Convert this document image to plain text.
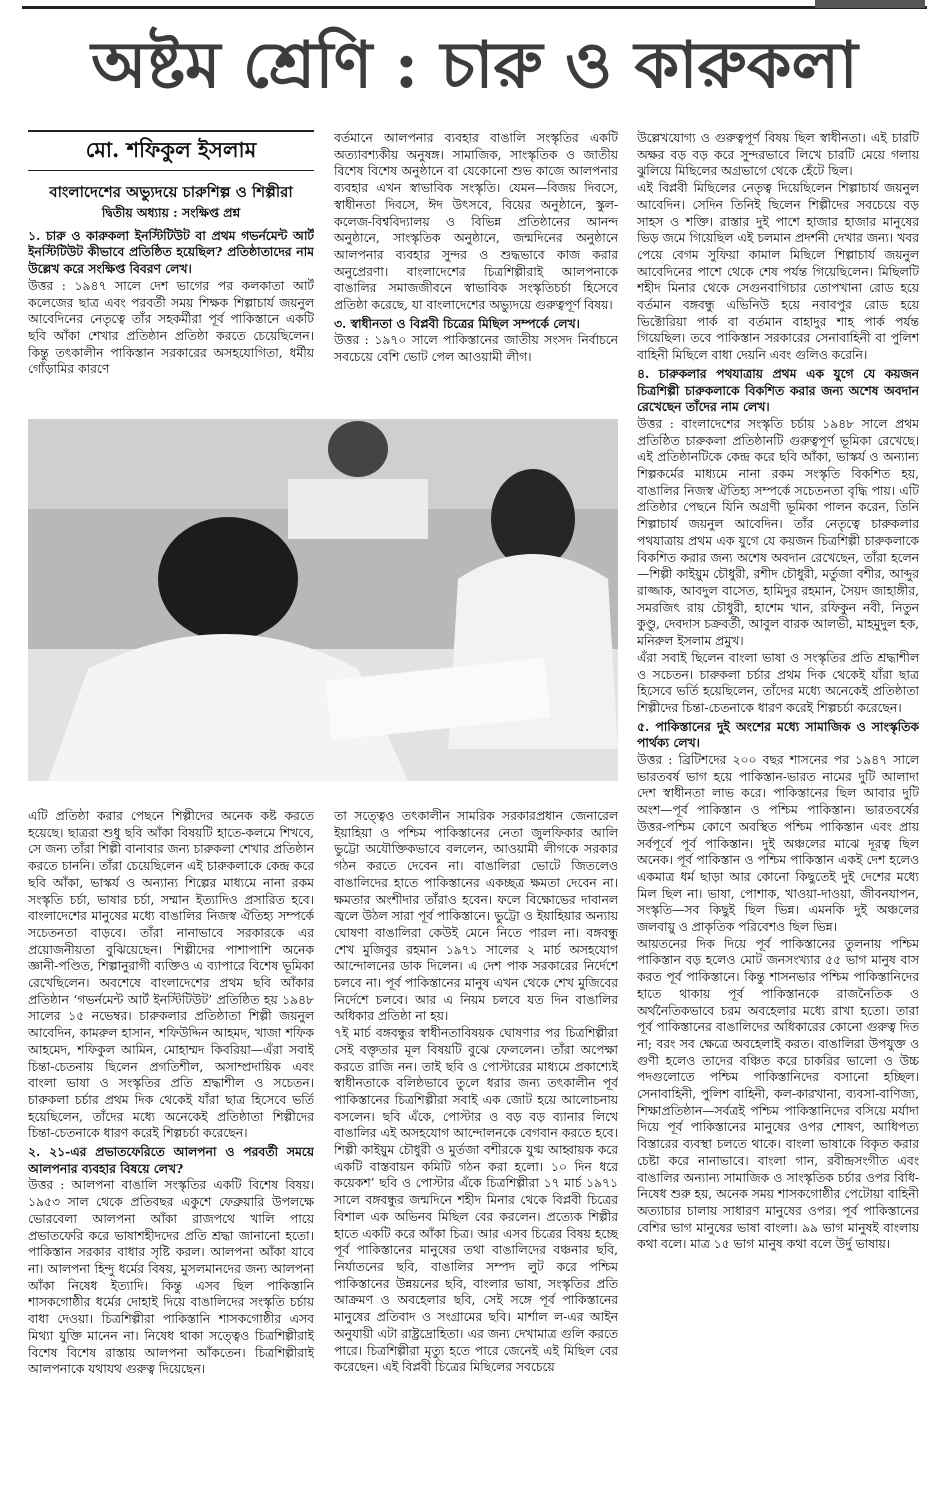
অষ্টম শ্রেণি : চারু ও কারুকলা
মো. শফিকুল ইসলাম
বাংলাদেশের অভ্যুদয়ে চারুশিল্প ও শিল্পীরা
দ্বিতীয় অধ্যায় : সংক্ষিপ্ত প্রশ্ন
১. চারু ও কারুকলা ইনস্টিটিউট বা প্রথম গভর্নমেন্ট আর্ট ইনস্টিটিউট কীভাবে প্রতিষ্ঠিত হয়েছিল? প্রতিষ্ঠাতাদের নাম উল্লেখ করে সংক্ষিপ্ত বিবরণ লেখ।

উত্তর : ১৯৪৭ সালে দেশ ভাগের পর কলকাতা আর্ট কলেজের ছাত্র এবং পরবর্তী সময় শিক্ষক শিল্পাচার্য জয়নুল আবেদিনের নেতৃত্বে তাঁর সহকর্মীরা পূর্ব পাকিস্তানে একটি ছবি আঁকা শেখার প্রতিষ্ঠান প্রতিষ্ঠা করতে চেয়েছিলেন। কিন্তু তৎকালীন পাকিস্তান সরকারের অসহযোগিতা, ধর্মীয় গোঁড়ামির কারণে

বর্তমানে আলপনার ব্যবহার বাঙালি সংস্কৃতির একটি অত্যাবশ্যকীয় অনুষঙ্গ। সামাজিক, সাংস্কৃতিক ও জাতীয় বিশেষ বিশেষ অনুষ্ঠানে বা যেকোনো শুভ কাজে আলপনার ব্যবহার এখন স্বাভাবিক সংস্কৃতি। যেমন—বিজয় দিবসে, স্বাধীনতা দিবসে, ঈদ উৎসবে, বিয়ের অনুষ্ঠানে, স্কুল-কলেজ-বিশ্ববিদ্যালয় ও বিভিন্ন প্রতিষ্ঠানের আনন্দ অনুষ্ঠানে, সাংস্কৃতিক অনুষ্ঠানে, জন্মদিনের অনুষ্ঠানে আলপনার ব্যবহার সুন্দর ও শুদ্ধভাবে কাজ করার অনুপ্রেরণা। বাংলাদেশের চিত্রশিল্পীরাই আলপনাকে বাঙালির সমাজজীবনে স্বাভাবিক সংস্কৃতিচর্চা হিসেবে প্রতিষ্ঠা করেছে, যা বাংলাদেশের অভ্যুদয়ে গুরুত্বপূর্ণ বিষয়।

৩. স্বাধীনতা ও বিপ্লবী চিত্রের মিছিল সম্পর্কে লেখ।

উত্তর : ১৯৭০ সালে পাকিস্তানের জাতীয় সংসদ নির্বাচনে সবচেয়ে বেশি ভোট পেল আওয়ামী লীগ।

উল্লেখযোগ্য ও গুরুত্বপূর্ণ বিষয় ছিল স্বাধীনতা। এই চারটি অক্ষর বড় বড় করে সুন্দরভাবে লিখে চারটি মেয়ে গলায় ঝুলিয়ে মিছিলের অগ্রভাগে থেকে হেঁটে ছিল।

এই বিপ্লবী মিছিলের নেতৃত্ব দিয়েছিলেন শিল্পাচার্য জয়নুল আবেদিন। সেদিন তিনিই ছিলেন শিল্পীদের সবচেয়ে বড় সাহস ও শক্তি। রাস্তার দুই পাশে হাজার হাজার মানুষের ভিড় জমে গিয়েছিল এই চলমান প্রদর্শনী দেখার জন্য। খবর পেয়ে বেগম সুফিয়া কামাল মিছিলে শিল্পাচার্য জয়নুল আবেদিনের পাশে থেকে শেষ পর্যন্ত গিয়েছিলেন। মিছিলটি শহীদ মিনার থেকে সেগুনবাগিচার তোপখানা রোড হয়ে বর্তমান বঙ্গবন্ধু এভিনিউ হয়ে নবাবপুর রোড হয়ে ভিক্টোরিয়া পার্ক বা বর্তমান বাহাদুর শাহ পার্ক পর্যন্ত গিয়েছিল। তবে পাকিস্তান সরকারের সেনাবাহিনী বা পুলিশ বাহিনী মিছিলে বাধা দেয়নি এবং গুলিও করেনি।

৪. চারুকলার পথযাত্রায় প্রথম এক যুগে যে কয়জন চিত্রশিল্পী চারুকলাকে বিকশিত করার জন্য অশেষ অবদান রেখেছেন তাঁদের নাম লেখ।

উত্তর : বাংলাদেশের সংস্কৃতি চর্চায় ১৯৪৮ সালে প্রথম প্রতিষ্ঠিত চারুকলা প্রতিষ্ঠানটি গুরুত্বপূর্ণ ভূমিকা রেখেছে। এই প্রতিষ্ঠানটিকে কেন্দ্র করে ছবি আঁকা, ভাস্কর্য ও অন্যান্য শিল্পকর্মের মাধ্যমে নানা রকম সংস্কৃতি বিকশিত হয়, বাঙালির নিজস্ব ঐতিহ্য সম্পর্কে সচেতনতা বৃদ্ধি পায়। এটি প্রতিষ্ঠার পেছনে যিনি অগ্রণী ভূমিকা পালন করেন, তিনি শিল্পাচার্য জয়নুল আবেদিন। তাঁর নেতৃত্বে চারুকলার পথযাত্রায় প্রথম এক যুগে যে কয়জন চিত্রশিল্পী চারুকলাকে বিকশিত করার জন্য অশেষ অবদান রেখেছেন, তাঁরা হলেন—শিল্পী কাইয়ুম চৌধুরী, রশীদ চৌধুরী, মর্তুজা বশীর, আব্দুর রাজ্জাক, আবদুল বাসেত, হামিদুর রহমান, সৈয়দ জাহাঙ্গীর, সমরজিৎ রায় চৌধুরী, হাশেম খান, রফিকুন নবী, নিতুন কুণ্ডু, দেবদাস চক্রবর্তী, আবুল বারক আলভী, মাহমুদুল হক, মনিরুল ইসলাম প্রমুখ।

এঁরা সবাই ছিলেন বাংলা ভাষা ও সংস্কৃতির প্রতি শ্রদ্ধাশীল ও সচেতন। চারুকলা চর্চার প্রথম দিক থেকেই যাঁরা ছাত্র হিসেবে ভর্তি হয়েছিলেন, তাঁদের মধ্যে অনেকেই প্রতিষ্ঠাতা শিল্পীদের চিন্তা-চেতনাকে ধারণ করেই শিল্পচর্চা করেছেন।

৫. পাকিস্তানের দুই অংশের মধ্যে সামাজিক ও সাংস্কৃতিক পার্থক্য লেখ।

উত্তর : ব্রিটিশদের ২০০ বছর শাসনের পর ১৯৪৭ সালে ভারতবর্ষ ভাগ হয়ে পাকিস্তান-ভারত নামের দুটি আলাদা দেশ স্বাধীনতা লাভ করে। পাকিস্তানের ছিল আবার দুটি অংশ—পূর্ব পাকিস্তান ও পশ্চিম পাকিস্তান। ভারতবর্ষের উত্তর-পশ্চিম কোণে অবস্থিত পশ্চিম পাকিস্তান এবং প্রায় সর্বপূর্বে পূর্ব পাকিস্তান। দুই অঞ্চলের মাঝে দূরত্ব ছিল অনেক। পূর্ব পাকিস্তান ও পশ্চিম পাকিস্তান একই দেশ হলেও একমাত্র ধর্ম ছাড়া আর কোনো কিছুতেই দুই দেশের মধ্যে মিল ছিল না। ভাষা, পোশাক, খাওয়া-দাওয়া, জীবনযাপন, সংস্কৃতি—সব কিছুই ছিল ভিন্ন। এমনকি দুই অঞ্চলের জলবায়ু ও প্রাকৃতিক পরিবেশও ছিল ভিন্ন।

আয়তনের দিক দিয়ে পূর্ব পাকিস্তানের তুলনায় পশ্চিম পাকিস্তান বড় হলেও মোট জনসংখ্যার ৫৫ ভাগ মানুষ বাস করত পূর্ব পাকিস্তানে। কিন্তু শাসনভার পশ্চিম পাকিস্তানিদের হাতে থাকায় পূর্ব পাকিস্তানকে রাজনৈতিক ও অর্থনৈতিকভাবে চরম অবহেলার মধ্যে রাখা হতো। তারা পূর্ব পাকিস্তানের বাঙালিদের অধিকারের কোনো গুরুত্ব দিত না; বরং সব ক্ষেত্রে অবহেলাই করত। বাঙালিরা উপযুক্ত ও গুণী হলেও তাদের বঞ্চিত করে চাকরির ভালো ও উচ্চ পদগুলোতে পশ্চিম পাকিস্তানিদের বসানো হচ্ছিল। সেনাবাহিনী, পুলিশ বাহিনী, কল-কারখানা, ব্যবসা-বাণিজ্য, শিক্ষাপ্রতিষ্ঠান—সর্বত্রই পশ্চিম পাকিস্তানিদের বসিয়ে মর্যাদা দিয়ে পূর্ব পাকিস্তানের মানুষের ওপর শোষণ, আধিপত্য বিস্তারের ব্যবস্থা চলতে থাকে। বাংলা ভাষাকে বিকৃত করার চেষ্টা করে নানাভাবে। বাংলা গান, রবীন্দ্রসংগীত এবং বাঙালির অন্যান্য সামাজিক ও সাংস্কৃতিক চর্চার ওপর বিধি-নিষেধ শুরু হয়, অনেক সময় শাসকগোষ্ঠীর পেটোয়া বাহিনী অত্যাচার চালায় সাধারণ মানুষের ওপর। পূর্ব পাকিস্তানের বেশির ভাগ মানুষের ভাষা বাংলা। ৯৯ ভাগ মানুষই বাংলায় কথা বলে। মাত্র ১৫ ভাগ মানুষ কথা বলে উর্দু ভাষায়।

এটি প্রতিষ্ঠা করার পেছনে শিল্পীদের অনেক কষ্ট করতে হয়েছে। ছাত্ররা শুধু ছবি আঁকা বিষয়টি হাতে-কলমে শিখবে, সে জন্য তাঁরা শিল্পী বানাবার জন্য চারুকলা শেখার প্রতিষ্ঠান করতে চাননি। তাঁরা চেয়েছিলেন এই চারুকলাকে কেন্দ্র করে ছবি আঁকা, ভাস্কর্য ও অন্যান্য শিল্পের মাধ্যমে নানা রকম সংস্কৃতি চর্চা, ভাষার চর্চা, সম্মান ইত্যাদিও প্রসারিত হবে। বাংলাদেশের মানুষের মধ্যে বাঙালির নিজস্ব ঐতিহ্য সম্পর্কে সচেতনতা বাড়বে। তাঁরা নানাভাবে সরকারকে এর প্রয়োজনীয়তা বুঝিয়েছেন। শিল্পীদের পাশাপাশি অনেক জ্ঞানী-পণ্ডিত, শিল্পানুরাগী ব্যক্তিও এ ব্যাপারে বিশেষ ভূমিকা রেখেছিলেন। অবশেষে বাংলাদেশের প্রথম ছবি আঁকার প্রতিষ্ঠান ‘গভর্নমেন্ট আর্ট ইনস্টিটিউট’ প্রতিষ্ঠিত হয় ১৯৪৮ সালের ১৫ নভেম্বর। চারুকলার প্রতিষ্ঠাতা শিল্পী জয়নুল আবেদিন, কামরুল হাসান, শফিউদ্দিন আহমদ, খাজা শফিক আহমেদ, শফিকুল আমিন, মোহাম্মদ কিবরিয়া—এঁরা সবাই চিন্তা-চেতনায় ছিলেন প্রগতিশীল, অসাম্প্রদায়িক এবং বাংলা ভাষা ও সংস্কৃতির প্রতি শ্রদ্ধাশীল ও সচেতন। চারুকলা চর্চার প্রথম দিক থেকেই যাঁরা ছাত্র হিসেবে ভর্তি হয়েছিলেন, তাঁদের মধ্যে অনেকেই প্রতিষ্ঠাতা শিল্পীদের চিন্তা-চেতনাকে ধারণ করেই শিল্পচর্চা করেছেন।

২. ২১-এর প্রভাতফেরিতে আলপনা ও পরবর্তী সময়ে আলপনার ব্যবহার বিষয়ে লেখ?

উত্তর : আলপনা বাঙালি সংস্কৃতির একটি বিশেষ বিষয়। ১৯৫৩ সাল থেকে প্রতিবছর একুশে ফেব্রুয়ারি উপলক্ষে ভোরবেলা আলপনা আঁকা রাজপথে খালি পায়ে প্রভাতফেরি করে ভাষাশহীদদের প্রতি শ্রদ্ধা জানানো হতো। পাকিস্তান সরকার বাধার সৃষ্টি করল। আলপনা আঁকা যাবে না। আলপনা হিন্দু ধর্মের বিষয়, মুসলমানদের জন্য আলপনা আঁকা নিষেধ ইত্যাদি। কিন্তু এসব ছিল পাকিস্তানি শাসকগোষ্ঠীর ধর্মের দোহাই দিয়ে বাঙালিদের সংস্কৃতি চর্চায় বাধা দেওয়া। চিত্রশিল্পীরা পাকিস্তানি শাসকগোষ্ঠীর এসব মিথ্যা যুক্তি মানেন না। নিষেধ থাকা সত্ত্বেও চিত্রশিল্পীরাই বিশেষ বিশেষ রাস্তায় আলপনা আঁকতেন। চিত্রশিল্পীরাই আলপনাকে যথাযথ গুরুত্ব দিয়েছেন।

তা সত্ত্বেও তৎকালীন সামরিক সরকারপ্রধান জেনারেল ইয়াহিয়া ও পশ্চিম পাকিস্তানের নেতা জুলফিকার আলি ভুট্টো অযৌক্তিকভাবে বললেন, আওয়ামী লীগকে সরকার গঠন করতে দেবেন না। বাঙালিরা ভোটে জিতলেও বাঙালিদের হাতে পাকিস্তানের একচ্ছত্র ক্ষমতা দেবেন না। ক্ষমতার অংশীদার তাঁরাও হবেন। ফলে বিক্ষোভের দাবানল জ্বলে উঠল সারা পূর্ব পাকিস্তানে। ভুট্টো ও ইয়াহিয়ার অন্যায় ঘোষণা বাঙালিরা কেউই মেনে নিতে পারল না। বঙ্গবন্ধু শেখ মুজিবুর রহমান ১৯৭১ সালের ২ মার্চ অসহযোগ আন্দোলনের ডাক দিলেন। এ দেশ পাক সরকারের নির্দেশে চলবে না। পূর্ব পাকিস্তানের মানুষ এখন থেকে শেখ মুজিবের নির্দেশে চলবে। আর এ নিয়ম চলবে যত দিন বাঙালির অধিকার প্রতিষ্ঠা না হয়।

৭ই মার্চ বঙ্গবন্ধুর স্বাধীনতাবিষয়ক ঘোষণার পর চিত্রশিল্পীরা সেই বক্তৃতার মূল বিষয়টি বুঝে ফেললেন। তাঁরা অপেক্ষা করতে রাজি নন। তাই ছবি ও পোস্টারের মাধ্যমে প্রকাশ্যেই স্বাধীনতাকে বলিষ্ঠভাবে তুলে ধরার জন্য তৎকালীন পূর্ব পাকিস্তানের চিত্রশিল্পীরা সবাই এক জোট হয়ে আলোচনায় বসলেন। ছবি এঁকে, পোস্টার ও বড় বড় ব্যানার লিখে বাঙালির এই অসহযোগ আন্দোলনকে বেগবান করতে হবে। শিল্পী কাইয়ুম চৌধুরী ও মুর্তজা বশীরকে যুগ্ম আহ্বায়ক করে একটি বাস্তবায়ন কমিটি গঠন করা হলো। ১০ দিন ধরে কয়েকশ’ ছবি ও পোস্টার এঁকে চিত্রশিল্পীরা ১৭ মার্চ ১৯৭১ সালে বঙ্গবন্ধুর জন্মদিনে শহীদ মিনার থেকে বিপ্লবী চিত্রের বিশাল এক অভিনব মিছিল বের করলেন। প্রত্যেক শিল্পীর হাতে একটি করে আঁকা চিত্র। আর এসব চিত্রের বিষয় হচ্ছে পূর্ব পাকিস্তানের মানুষের তথা বাঙালিদের বঞ্চনার ছবি, নির্যাতনের ছবি, বাঙালির সম্পদ লুট করে পশ্চিম পাকিস্তানের উন্নয়নের ছবি, বাংলার ভাষা, সংস্কৃতির প্রতি আক্রমণ ও অবহেলার ছবি, সেই সঙ্গে পূর্ব পাকিস্তানের মানুষের প্রতিবাদ ও সংগ্রামের ছবি। মার্শাল ল-এর আইন অনুযায়ী এটা রাষ্ট্রদ্রোহিতা। এর জন্য দেখামাত্র গুলি করতে পারে। চিত্রশিল্পীরা মৃত্যু হতে পারে জেনেই এই মিছিল বের করেছেন। এই বিপ্লবী চিত্রের মিছিলের সবচেয়ে
